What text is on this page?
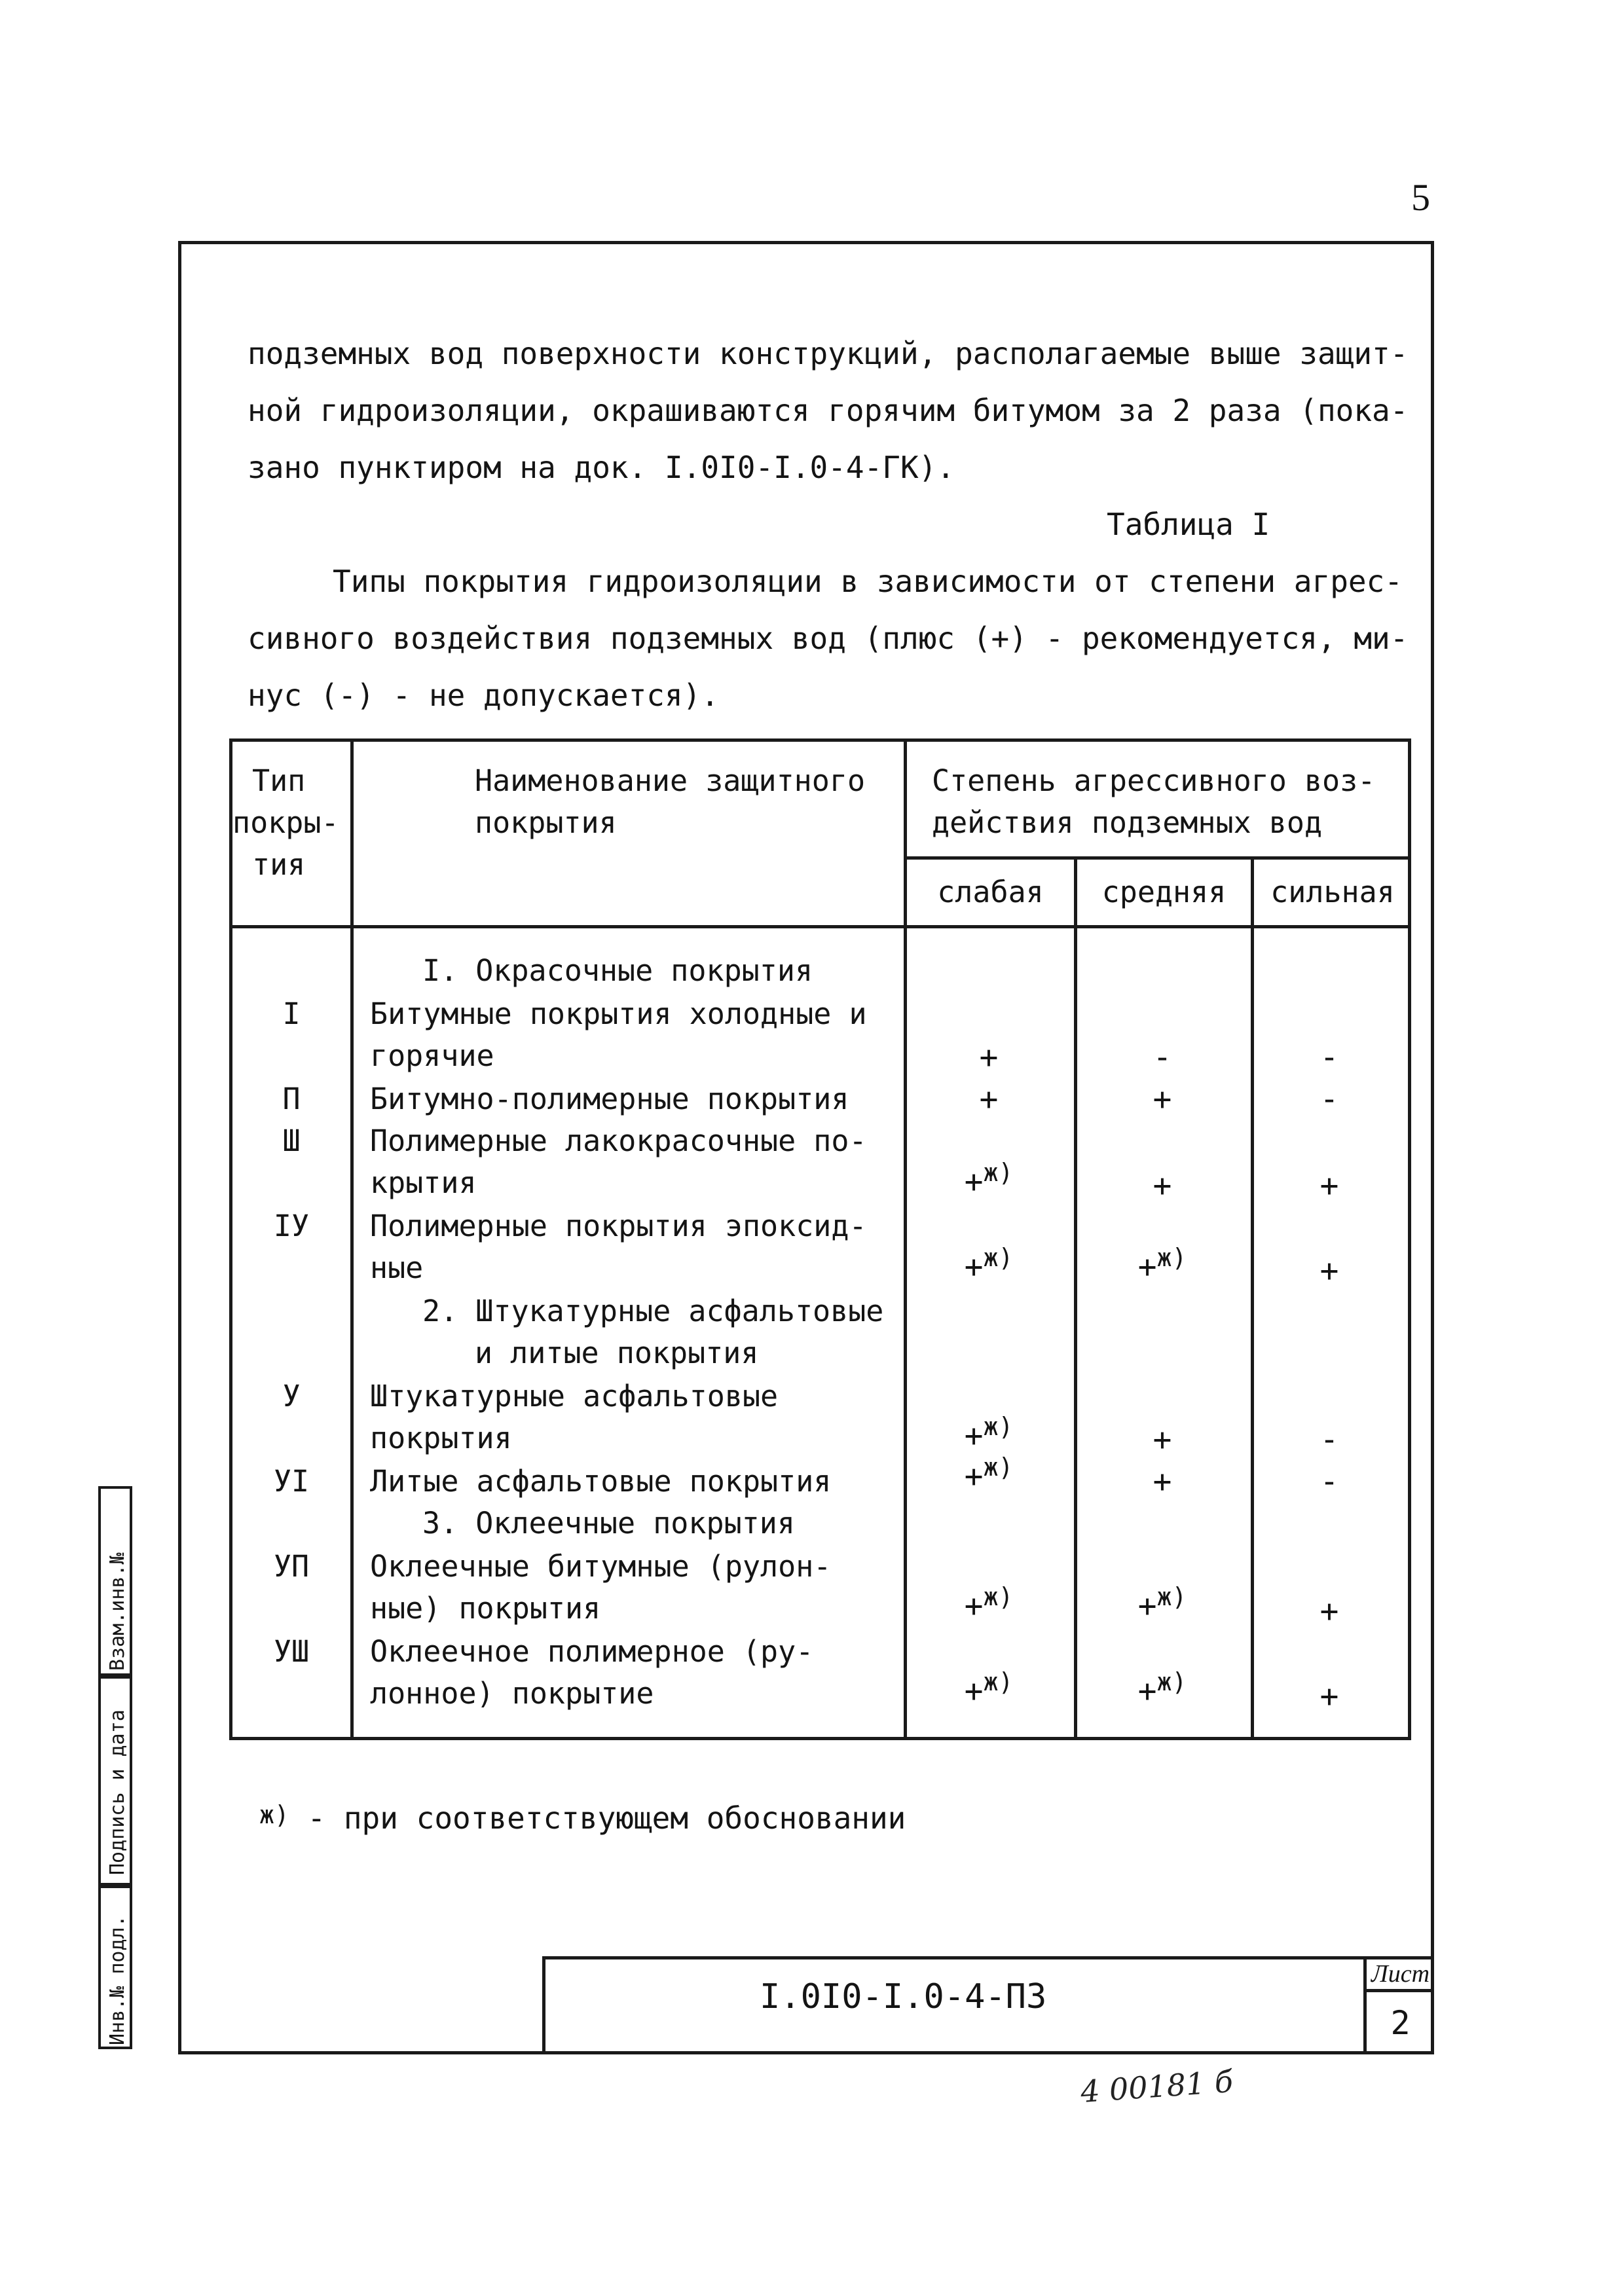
5
подземных вод поверхности конструкций, располагаемые выше защит-
ной гидроизоляции, окрашиваются горячим битумом за 2 раза (пока-
зано пунктиром на док. I.0I0-I.0-4-ГК).
Таблица I
Типы покрытия гидроизоляции в зависимости от степени агрес-
сивного воздействия подземных вод (плюс (+) - рекомендуется, ми-
нус (-) - не допускается).
Тип
покры-
тия
Наименование защитного
покрытия
Степень агрессивного воз-
действия подземных вод
слабая	средняя	сильная
I. Окрасочные покрытия
I	Битумные покрытия холодные и
горячие	+	-	-
П	Битумно-полимерные покрытия	+	+	-
Ш	Полимерные лакокрасочные по-
крытия	+$^{ж)}$	+	+
IУ	Полимерные покрытия эпоксид-
ные	+$^{ж)}$	+$^{ж)}$	+
2. Штукатурные асфальтовые
и литые покрытия
У	Штукатурные асфальтовые
покрытия	+$^{ж)}$	+	-
УI	Литые асфальтовые покрытия	+$^{ж)}$	+	-
3. Оклеечные покрытия
УП	Оклеечные битумные (рулон-
ные) покрытия	+$^{ж)}$	+$^{ж)}$	+
УШ	Оклеечное полимерное (ру-
лонное) покрытие	+$^{ж)}$	+$^{ж)}$	+
$^{ж)}$ - при соответствующем обосновании
Взам.инв.№
Подпись и дата
Инв.№ подл.	I.0I0-I.0-4-ПЗ
Лист
2
4 00181 б
